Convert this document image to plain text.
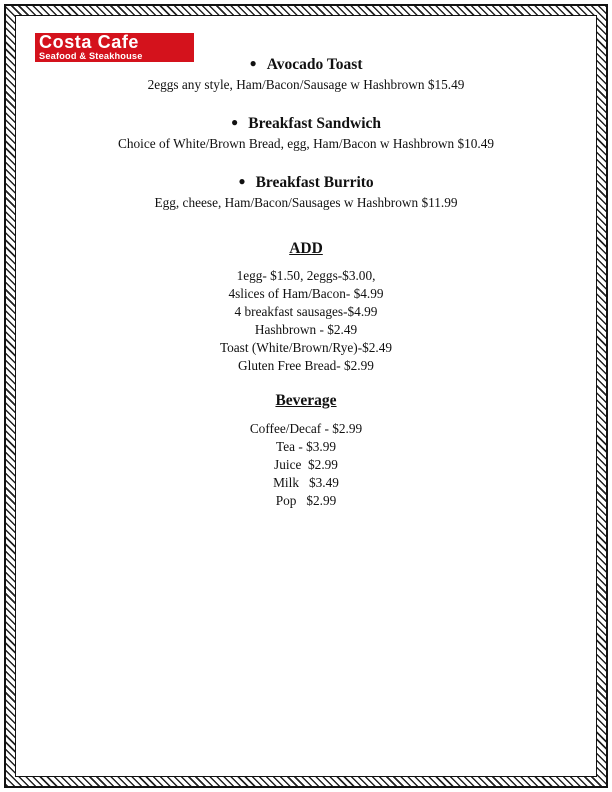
Costa Cafe
Seafood & Steakhouse	● Avocado Toast
2eggs any style, Ham/Bacon/Sausage w Hashbrown $15.49
● Breakfast Sandwich
Choice of White/Brown Bread, egg, Ham/Bacon w Hashbrown $10.49
● Breakfast Burrito
Egg, cheese, Ham/Bacon/Sausages w Hashbrown $11.99
ADD
1egg- $1.50, 2eggs-$3.00,
4slices of Ham/Bacon- $4.99
4 breakfast sausages-$4.99
Hashbrown - $2.49
Toast (White/Brown/Rye)-$2.49
Gluten Free Bread- $2.99
Beverage
Coffee/Decaf - $2.99
Tea - $3.99
Juice  $2.99
Milk   $3.49
Pop   $2.99
